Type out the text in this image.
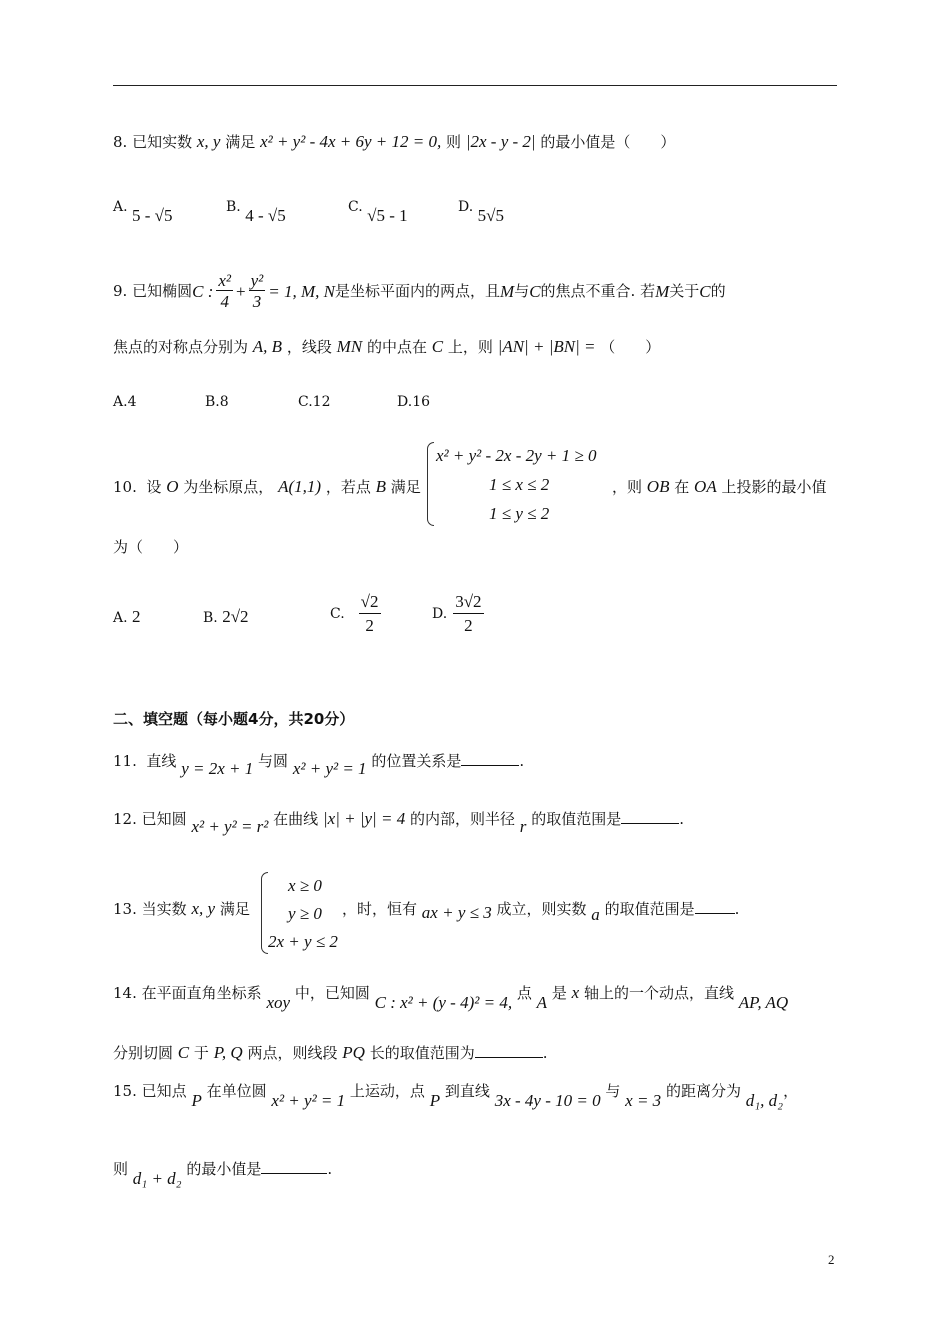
8. 已知实数 x, y 满足 x² + y² - 4x + 6y + 12 = 0, 则 |2x - y - 2| 的最小值是（　　）
A. 5 - √5	B. 4 - √5	C. √5 - 1	D. 5√5
9.
已知椭圆 C : $\frac{\text{x²}}{4} + \frac{\text{y²}}{3} = 1$, M, N 是坐标平面内的两点，且 M 与 C 的焦点不重合. 若 M 关于 C 的
焦点的对称点分别为 A, B ，线段 MN 的中点在 C 上，则 |AN| + |BN| = （　　）
A.4	B.8	C.12	D.16
10. 设 O 为坐标原点， A(1,1) ，若点 B 满足
x² + y² - 2x - 2y + 1 ≥ 0
1 ≤ x ≤ 2
1 ≤ y ≤ 2
，则 OB 在 OA 上投影的最小值
为（　　）
A. 2	B. 2√2	C. $\frac{√2}{2}$	D. $\frac{3√2}{2}$
二、填空题（每小题4分，共20分）
11. 直线 y = 2x + 1 与圆 x² + y² = 1 的位置关系是	.
12. 已知圆 x² + y² = r² 在曲线 |x| + |y| = 4 的内部，则半径 r 的取值范围是	.
13. 当实数 x, y 满足
x ≥ 0
y ≥ 0
2x + y ≤ 2
，时，恒有 ax + y ≤ 3 成立，则实数 a 的取值范围是	.
14. 在平面直角坐标系 xoy 中，已知圆 C : x² + (y - 4)² = 4, 点 A 是 x 轴上的一个动点，直线 AP, AQ
分别切圆 C 于 P, Q 两点，则线段 PQ 长的取值范围为	.
15. 已知点 P 在单位圆 x² + y² = 1 上运动，点 P 到直线 3x - 4y - 10 = 0 与 x = 3 的距离分为 d₁, d₂，
则 d₁ + d₂ 的最小值是	.
2
